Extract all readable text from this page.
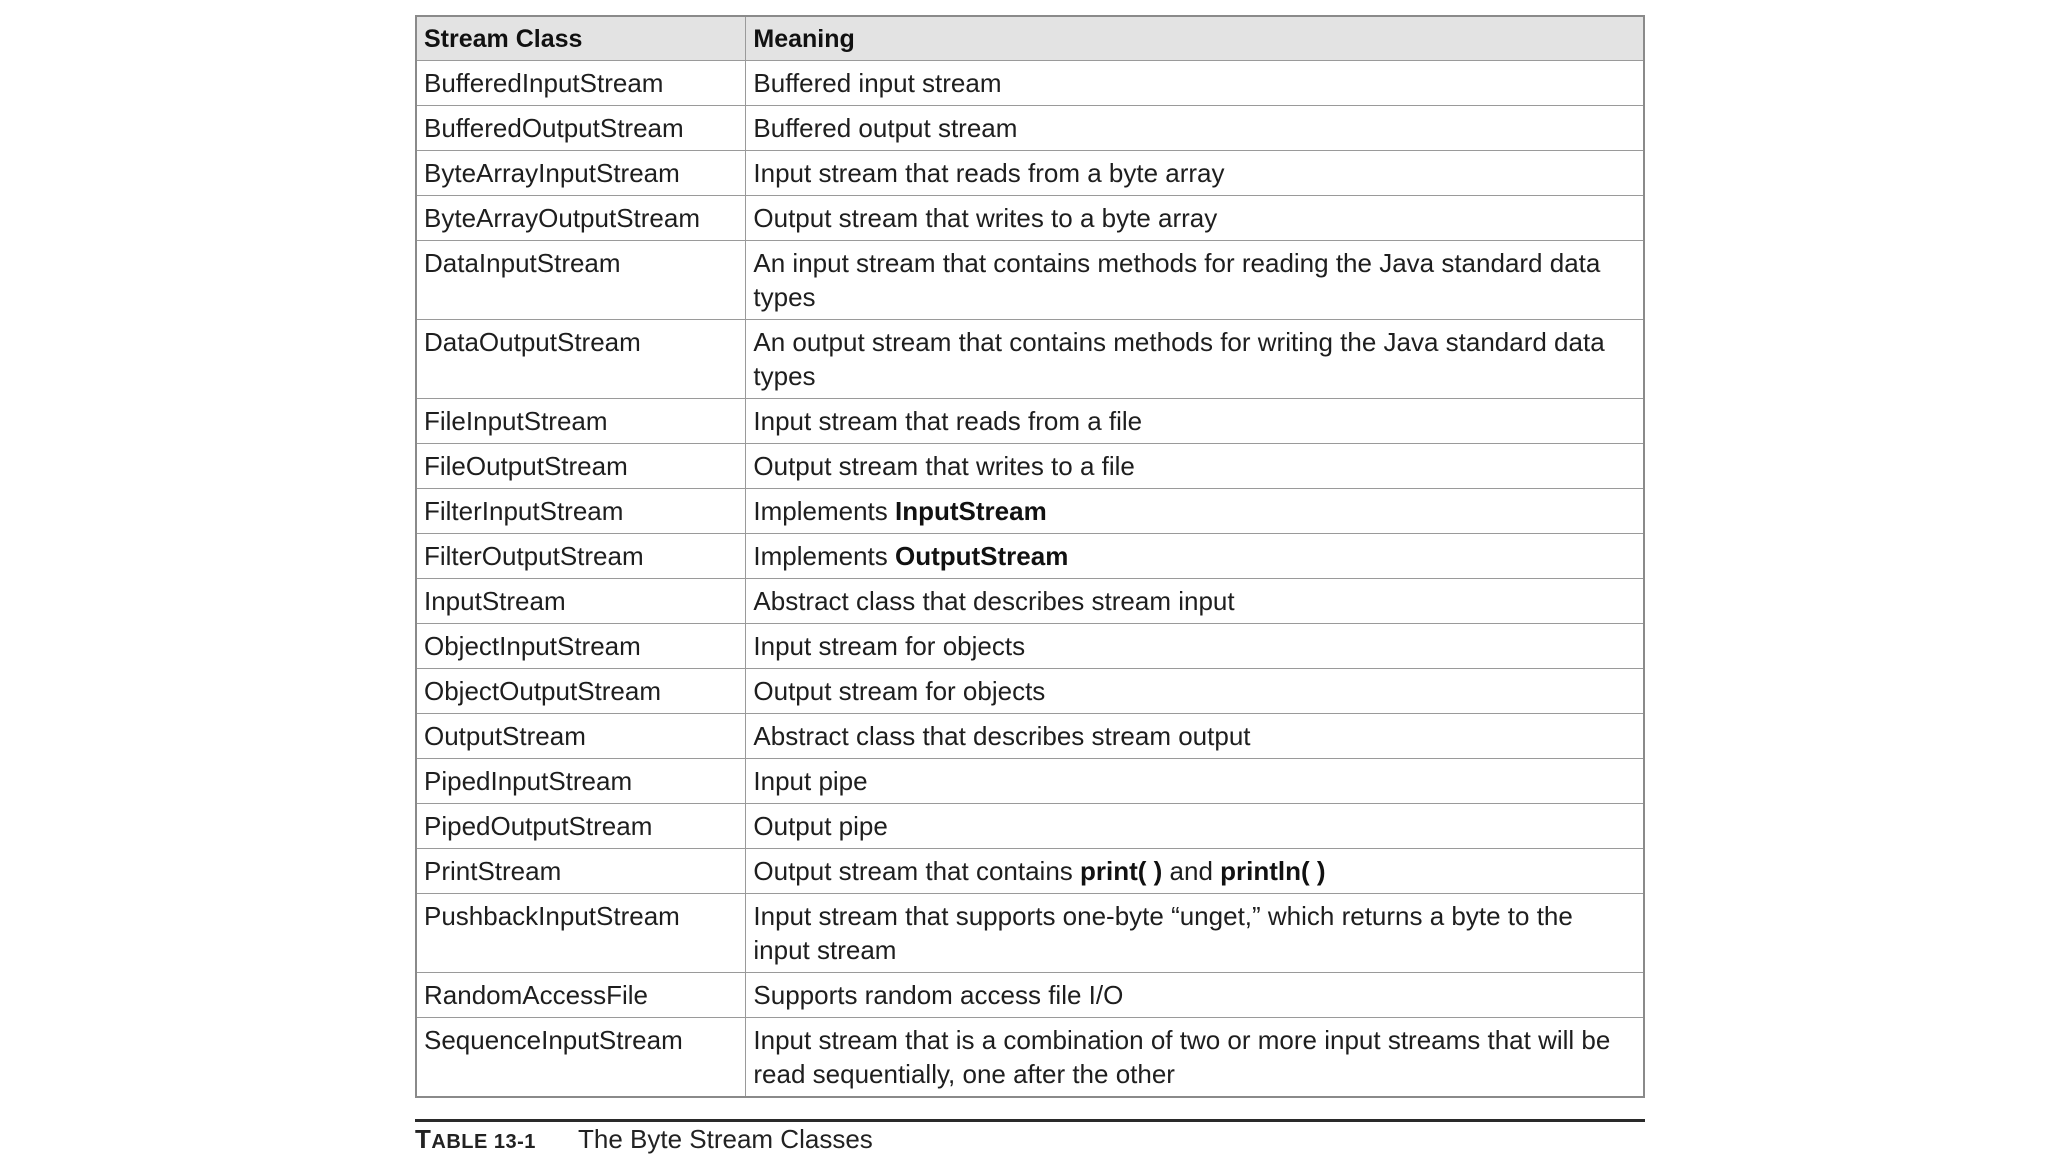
Stream Class	Meaning
BufferedInputStream	Buffered input stream
BufferedOutputStream	Buffered output stream
ByteArrayInputStream	Input stream that reads from a byte array
ByteArrayOutputStream	Output stream that writes to a byte array
DataInputStream	An input stream that contains methods for reading the Java standard data types
DataOutputStream	An output stream that contains methods for writing the Java standard data types
FileInputStream	Input stream that reads from a file
FileOutputStream	Output stream that writes to a file
FilterInputStream	Implements InputStream
FilterOutputStream	Implements OutputStream
InputStream	Abstract class that describes stream input
ObjectInputStream	Input stream for objects
ObjectOutputStream	Output stream for objects
OutputStream	Abstract class that describes stream output
PipedInputStream	Input pipe
PipedOutputStream	Output pipe
PrintStream	Output stream that contains print( ) and println( )
PushbackInputStream	Input stream that supports one-byte “unget,” which returns a byte to the input stream
RandomAccessFile	Supports random access file I/O
SequenceInputStream	Input stream that is a combination of two or more input streams that will be read sequentially, one after the other
TABLE 13-1	The Byte Stream Classes
